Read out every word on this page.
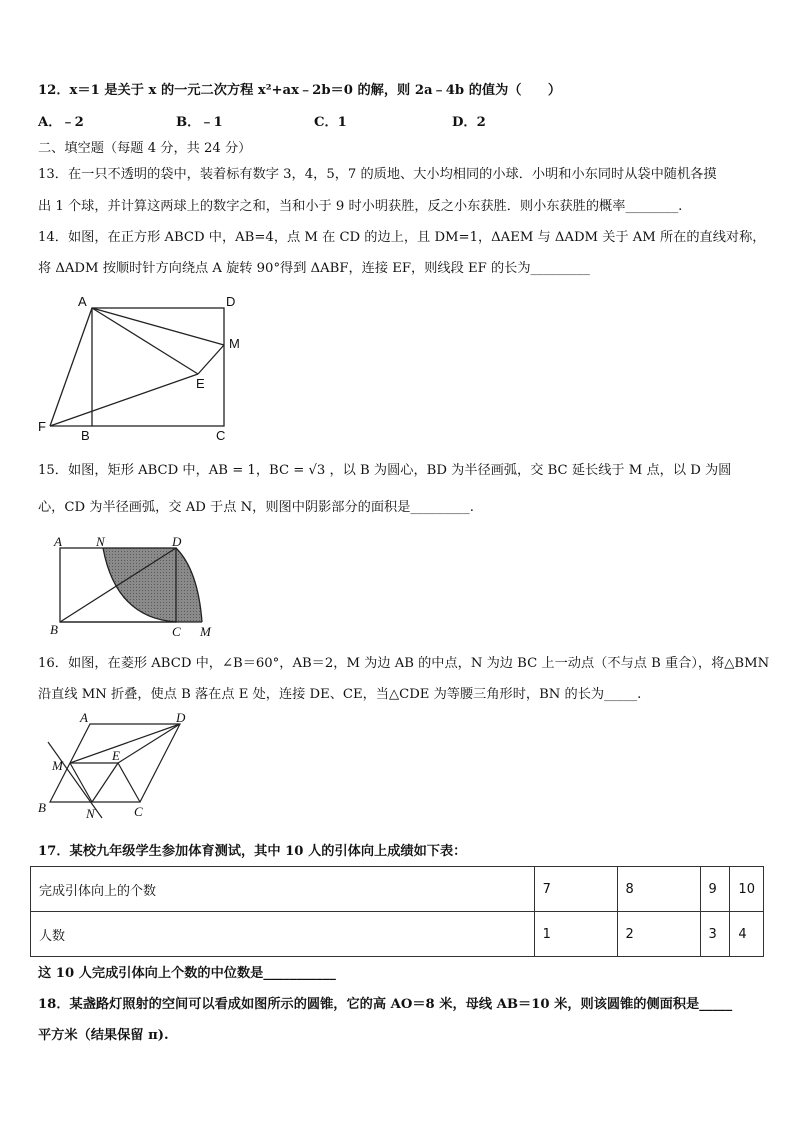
12．x＝1 是关于 x 的一元二次方程 x²+ax﹣2b＝0 的解，则 2a﹣4b 的值为（　　）
A．﹣2	B．﹣1	C．1	D．2
二、填空题（每题 4 分，共 24 分）
13．在一只不透明的袋中，装着标有数字 3，4，5，7 的质地、大小均相同的小球．小明和小东同时从袋中随机各摸
出 1 个球，并计算这两球上的数字之和，当和小于 9 时小明获胜，反之小东获胜．则小东获胜的概率________.
14．如图，在正方形 ABCD 中，AB=4，点 M 在 CD 的边上，且 DM=1，ΔAEM 与 ΔADM 关于 AM 所在的直线对称，
将 ΔADM 按顺时针方向绕点 A 旋转 90°得到 ΔABF，连接 EF，则线段 EF 的长为_________
A	D
M
E
F
B	C
15．如图，矩形 ABCD 中，AB = 1，BC = √3 ，以 B 为圆心，BD 为半径画弧，交 BC 延长线于 M 点，以 D 为圆
心，CD 为半径画弧，交 AD 于点 N，则图中阴影部分的面积是_________.
A	N	D
B	C M
16．如图，在菱形 ABCD 中，∠B＝60°，AB＝2，M 为边 AB 的中点，N 为边 BC 上一动点（不与点 B 重合），将△BMN
沿直线 MN 折叠，使点 B 落在点 E 处，连接 DE、CE，当△CDE 为等腰三角形时，BN 的长为_____.
A	D
M
E
B	N	C
17．某校九年级学生参加体育测试，其中 10 人的引体向上成绩如下表：
完成引体向上的个数	7	8	9	10
人数	1	2	3	4
这 10 人完成引体向上个数的中位数是___________
18．某盏路灯照射的空间可以看成如图所示的圆锥，它的高 AO＝8 米，母线 AB＝10 米，则该圆锥的侧面积是_____
平方米（结果保留 π).
